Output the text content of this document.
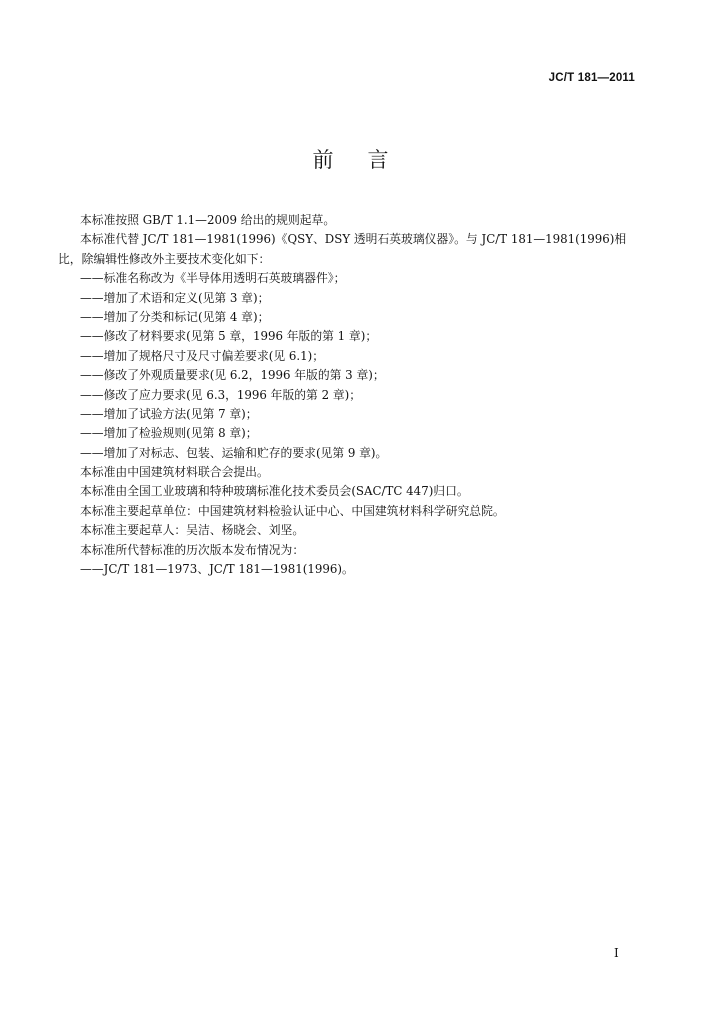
JC/T 181—2011
前言
本标准按照 GB/T 1.1—2009 给出的规则起草。
本标准代替 JC/T 181—1981(1996)《QSY、DSY 透明石英玻璃仪器》。与 JC/T 181—1981(1996)相
比，除编辑性修改外主要技术变化如下：
——标准名称改为《半导体用透明石英玻璃器件》；
——增加了术语和定义(见第 3 章)；
——增加了分类和标记(见第 4 章)；
——修改了材料要求(见第 5 章，1996 年版的第 1 章)；
——增加了规格尺寸及尺寸偏差要求(见 6.1)；
——修改了外观质量要求(见 6.2，1996 年版的第 3 章)；
——修改了应力要求(见 6.3，1996 年版的第 2 章)；
——增加了试验方法(见第 7 章)；
——增加了检验规则(见第 8 章)；
——增加了对标志、包装、运输和贮存的要求(见第 9 章)。
本标准由中国建筑材料联合会提出。
本标准由全国工业玻璃和特种玻璃标准化技术委员会(SAC/TC 447)归口。
本标准主要起草单位：中国建筑材料检验认证中心、中国建筑材料科学研究总院。
本标准主要起草人：吴洁、杨晓会、刘坚。
本标准所代替标准的历次版本发布情况为：
——JC/T 181—1973、JC/T 181—1981(1996)。
I
